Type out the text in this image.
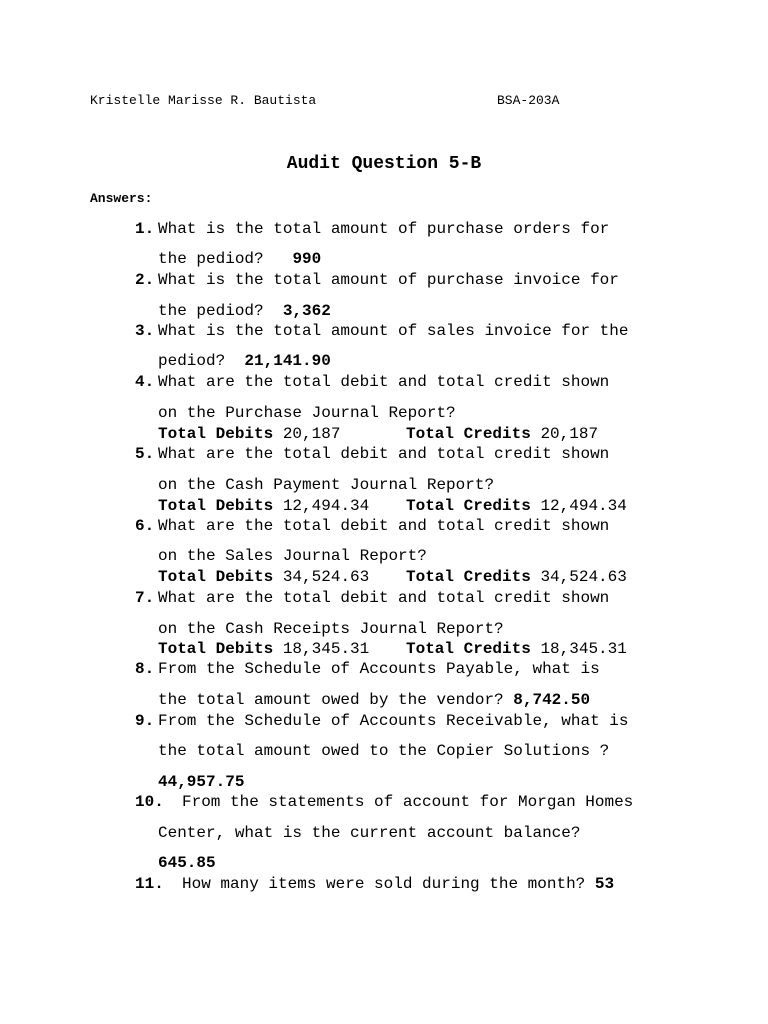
Kristelle Marisse R. Bautista	BSA-203A
Audit Question 5-B
Answers:
1. What is the total amount of purchase orders for
the pediod? 990
2. What is the total amount of purchase invoice for
the pediod? 3,362
3. What is the total amount of sales invoice for the
pediod? 21,141.90
4. What are the total debit and total credit shown
on the Purchase Journal Report?
Total Debits 20,187	Total Credits 20,187
5. What are the total debit and total credit shown
on the Cash Payment Journal Report?
Total Debits 12,494.34 Total Credits 12,494.34
6. What are the total debit and total credit shown
on the Sales Journal Report?
Total Debits 34,524.63 Total Credits 34,524.63
7. What are the total debit and total credit shown
on the Cash Receipts Journal Report?
Total Debits 18,345.31 Total Credits 18,345.31
8. From the Schedule of Accounts Payable, what is
the total amount owed by the vendor? 8,742.50
9. From the Schedule of Accounts Receivable, what is
the total amount owed to the Copier Solutions ?
44,957.75
10. From the statements of account for Morgan Homes
Center, what is the current account balance?
645.85
11. How many items were sold during the month? 53
